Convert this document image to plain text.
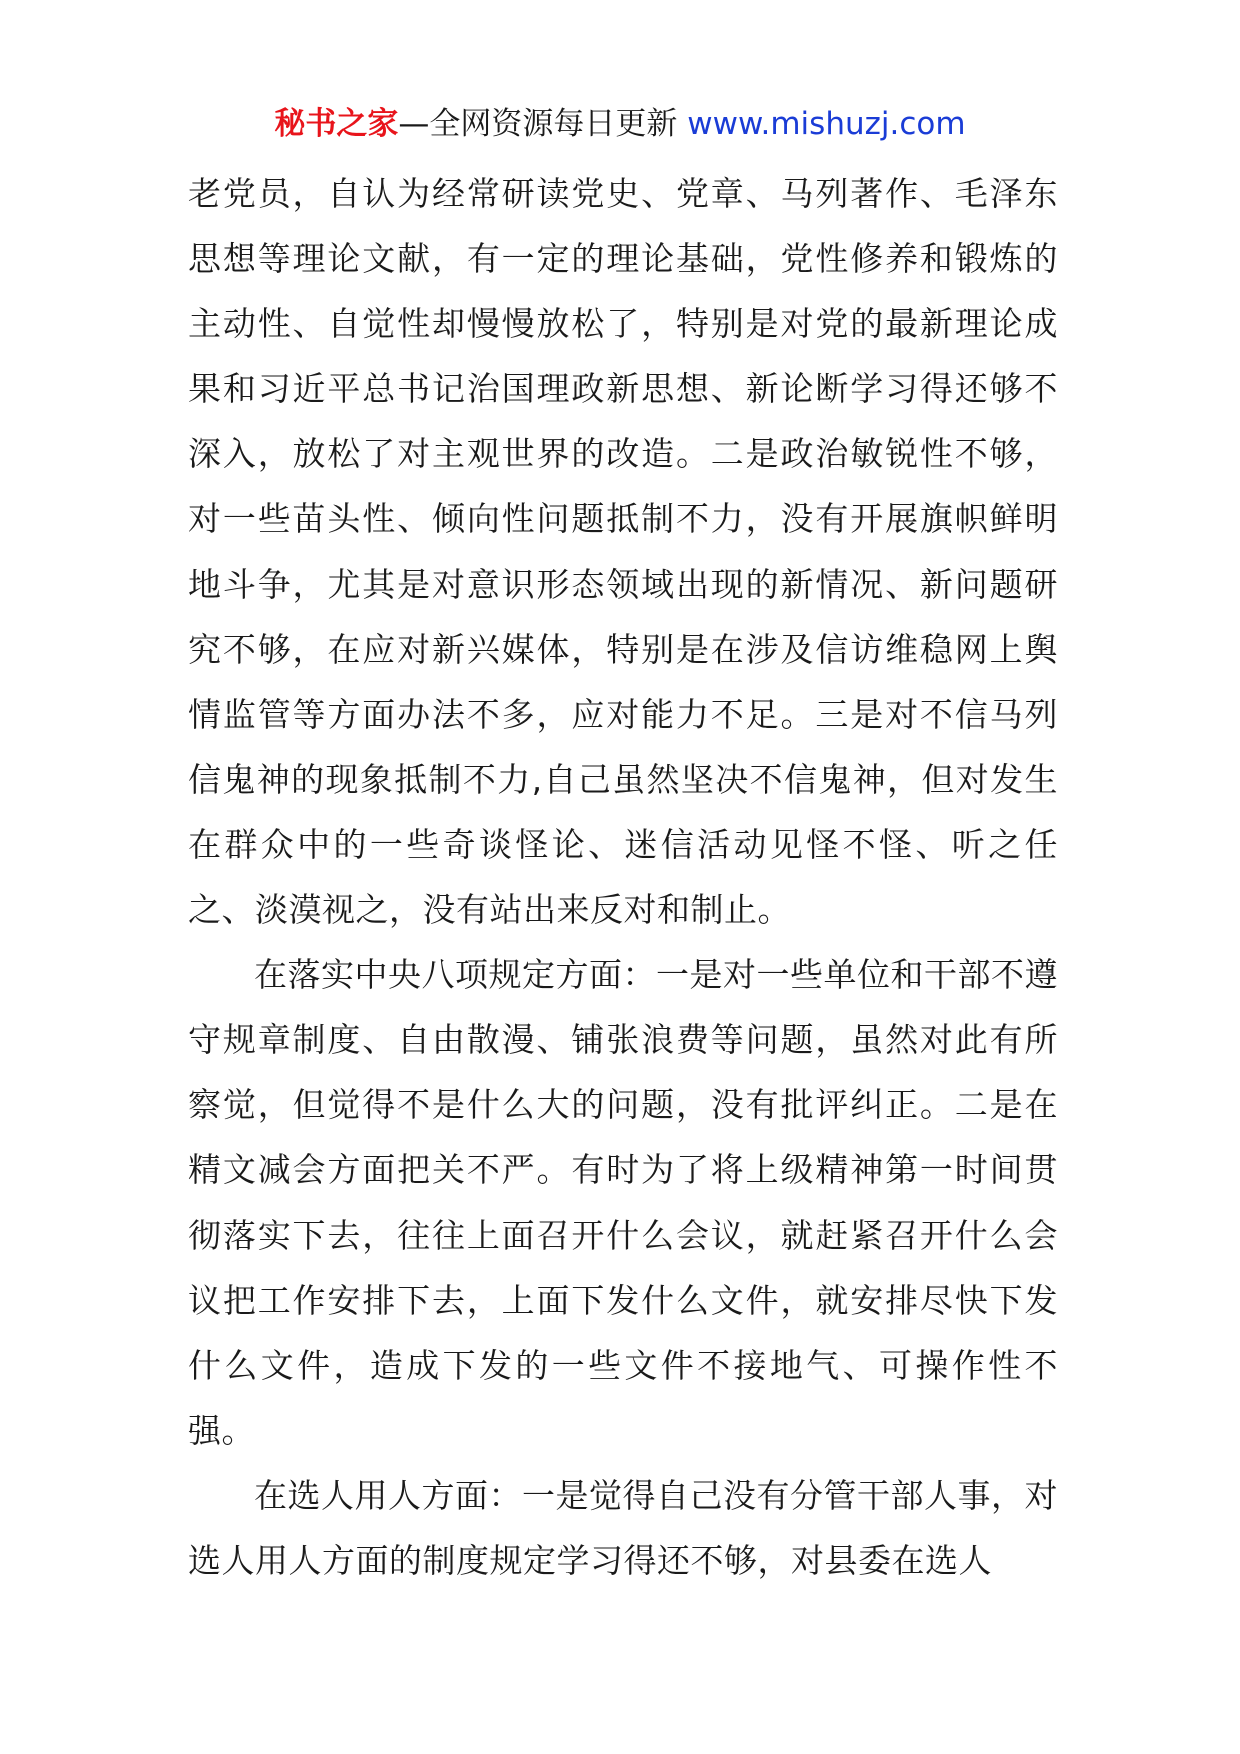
秘书之家—全网资源每日更新 www.mishuzj.com

老党员，自认为经常研读党史、党章、马列著作、毛泽东思想等理论文献，有一定的理论基础，党性修养和锻炼的主动性、自觉性却慢慢放松了，特别是对党的最新理论成果和习近平总书记治国理政新思想、新论断学习得还够不深入，放松了对主观世界的改造。二是政治敏锐性不够，对一些苗头性、倾向性问题抵制不力，没有开展旗帜鲜明地斗争，尤其是对意识形态领域出现的新情况、新问题研究不够，在应对新兴媒体，特别是在涉及信访维稳网上舆情监管等方面办法不多，应对能力不足。三是对不信马列信鬼神的现象抵制不力,自己虽然坚决不信鬼神，但对发生在群众中的一些奇谈怪论、迷信活动见怪不怪、听之任之、淡漠视之，没有站出来反对和制止。

在落实中央八项规定方面：一是对一些单位和干部不遵守规章制度、自由散漫、铺张浪费等问题，虽然对此有所察觉，但觉得不是什么大的问题，没有批评纠正。二是在精文减会方面把关不严。有时为了将上级精神第一时间贯彻落实下去，往往上面召开什么会议，就赶紧召开什么会议把工作安排下去，上面下发什么文件，就安排尽快下发什么文件，造成下发的一些文件不接地气、可操作性不强。

在选人用人方面：一是觉得自己没有分管干部人事，对选人用人方面的制度规定学习得还不够，对县委在选人
